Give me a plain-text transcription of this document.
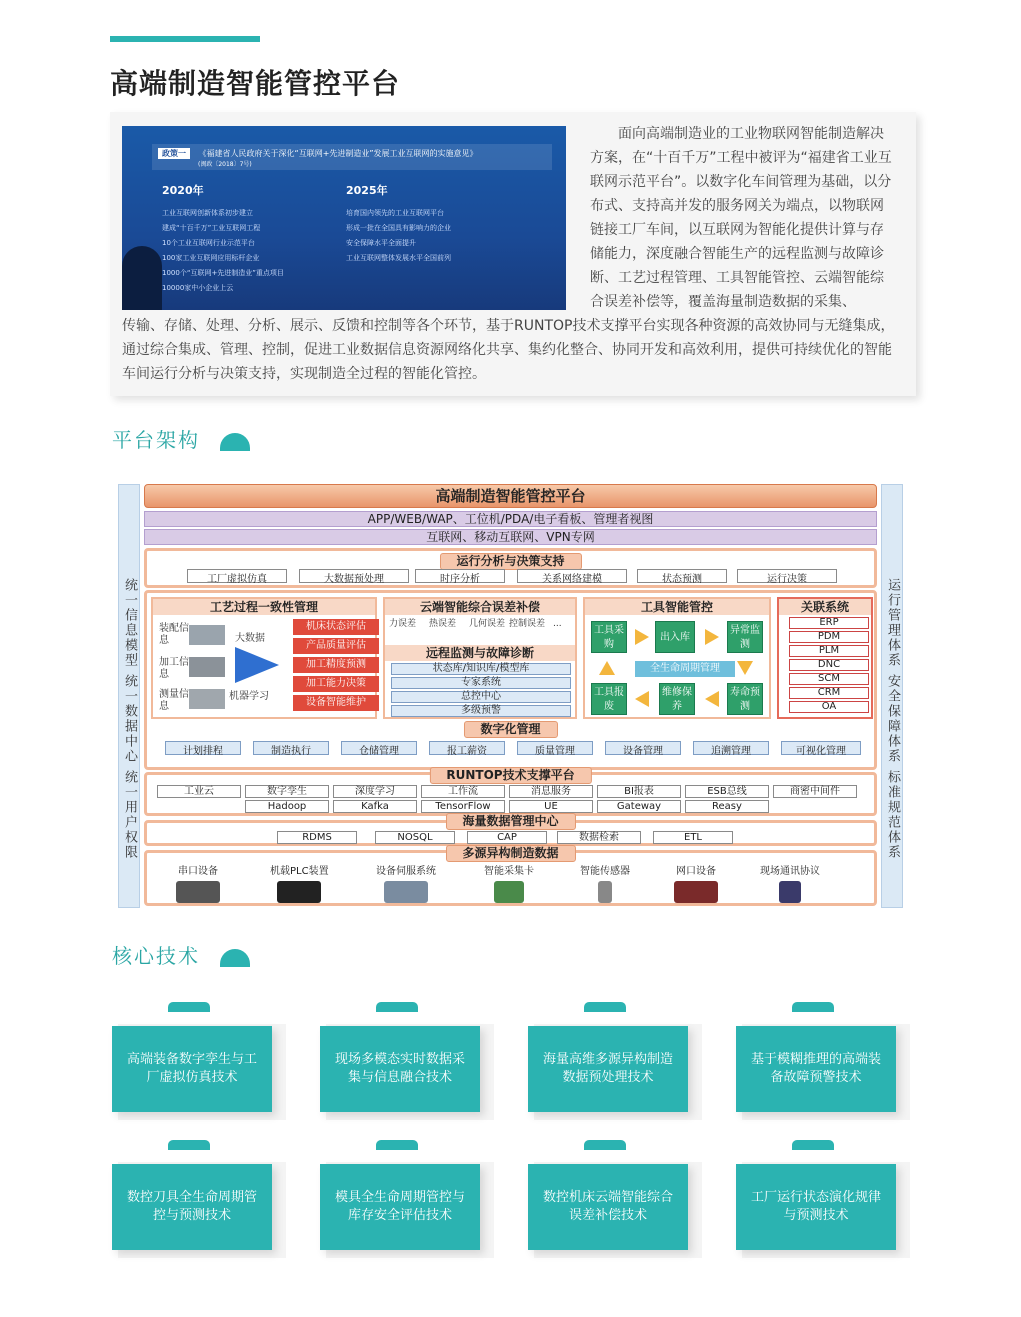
高端制造智能管控平台
政策一 《福建省人民政府关于深化“互联网+先进制造业”发展工业互联网的实施意见》
(闽政〔2018〕7号)
2020年
工业互联网创新体系初步建立
建成“十百千万”工业互联网工程
10个工业互联网行业示范平台
100家工业互联网应用标杆企业
1000个“互联网+先进制造业”重点项目
10000家中小企业上云
2025年
培育国内领先的工业互联网平台
形成一批在全国具有影响力的企业
安全保障水平全面提升
工业互联网整体发展水平全国前列

面向高端制造业的工业物联网智能制造解决方案，在“十百千万”工程中被评为“福建省工业互联网示范平台”。以数字化车间管理为基础，以分布式、支持高并发的服务网关为端点，以物联网链接工厂车间，以互联网为智能化提供计算与存储能力，深度融合智能生产的远程监测与故障诊断、工艺过程管理、工具智能管控、云端智能综合误差补偿等，覆盖海量制造数据的采集、

传输、存储、处理、分析、展示、反馈和控制等各个环节，基于RUNTOP技术支撑平台实现各种资源的高效协同与无缝集成，通过综合集成、管理、控制，促进工业数据信息资源网络化共享、集约化整合、协同开发和高效利用，提供可持续优化的智能车间运行分析与决策支持，实现制造全过程的智能化管控。

平台架构
统一信息模型 统一数据中心 统一用户权限	运行管理体系 安全保障体系 标准规范体系
高端制造智能管控平台
APP/WEB/WAP、工位机/PDA/电子看板、管理者视图
互联网、移动互联网、VPN专网
运行分析与决策支持
工厂虚拟仿真	大数据预处理	时序分析	关系网络建模	状态预测	运行决策
工艺过程一致性管理
装配信息
加工信息
测量信息
大数据
机器学习
机床状态评估
产品质量评估
加工精度预测
加工能力决策
设备智能维护
云端智能综合误差补偿
力误差	热误差	几何误差 控制误差 ...
远程监测与故障诊断
状态库/知识库/模型库
专家系统
总控中心
多级预警
工具智能管控
工具采购
出入库
异常监测
全生命周期管理
工具报废
维修保养
寿命预测
关联系统
ERP
PDM
PLM
DNC
SCM
CRM
OA
数字化管理
计划排程	制造执行	仓储管理	报工薪资	质量管理	设备管理	追溯管理	可视化管理
RUNTOP技术支撑平台
工业云	数字孪生	深度学习	工作流	消息服务	BI报表	ESB总线	商密中间件
Hadoop	Kafka	TensorFlow	UE	Gateway	Reasy
海量数据管理中心
RDMS	NOSQL	CAP	数据检索	ETL
多源异构制造数据
串口设备	机载PLC装置	设备伺服系统	智能采集卡	智能传感器	网口设备	现场通讯协议
核心技术
高端装备数字孪生与工厂虚拟仿真技术
现场多模态实时数据采集与信息融合技术
海量高维多源异构制造数据预处理技术
基于模糊推理的高端装备故障预警技术
数控刀具全生命周期管控与预测技术
模具全生命周期管控与库存安全评估技术
数控机床云端智能综合误差补偿技术
工厂运行状态演化规律与预测技术
